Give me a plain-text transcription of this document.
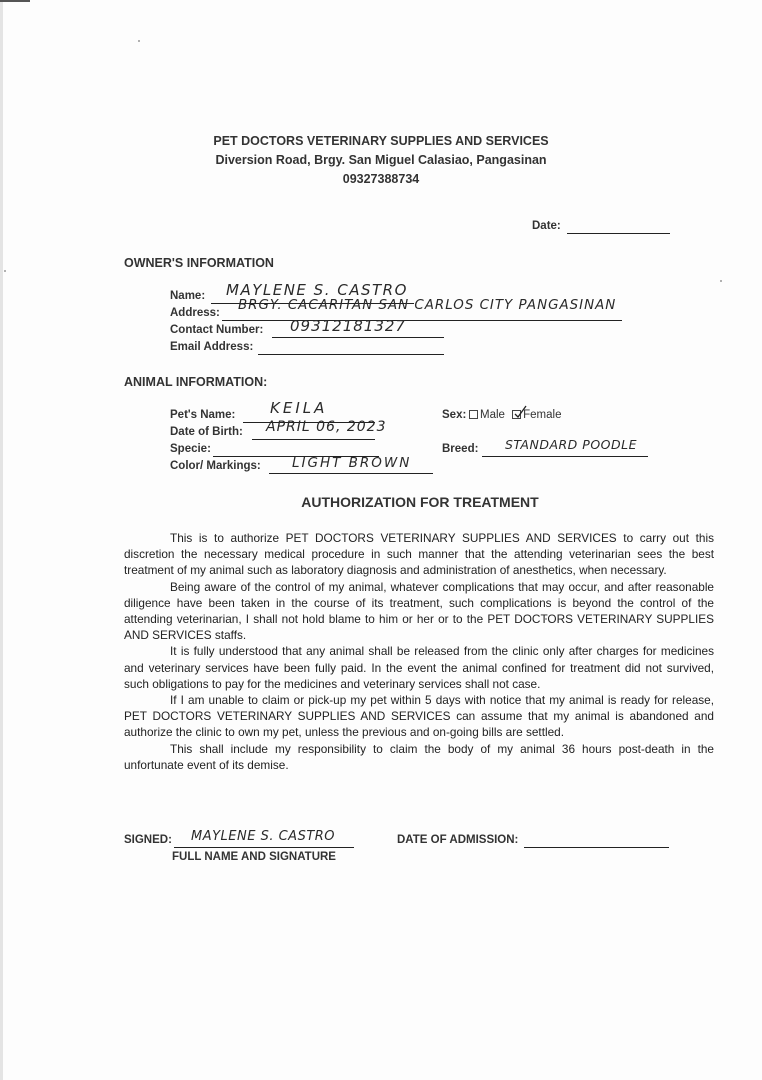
PET DOCTORS VETERINARY SUPPLIES AND SERVICES
Diversion Road, Brgy. San Miguel Calasiao, Pangasinan
09327388734
Date:
OWNER'S INFORMATION
Name: MAYLENE S. CASTRO
Address: BRGY. CACARITAN SAN CARLOS CITY PANGASINAN
Contact Number: 09312181327
Email Address:
ANIMAL INFORMATION:
Pet's Name: KEILA
Date of Birth: APRIL 06, 2023
Specie:
Color/ Markings: LIGHT BROWN
Sex:	Male Female
Breed: STANDARD POODLE
AUTHORIZATION FOR TREATMENT

This is to authorize PET DOCTORS VETERINARY SUPPLIES AND SERVICES to carry out this discretion the necessary medical procedure in such manner that the attending veterinarian sees the best treatment of my animal such as laboratory diagnosis and administration of anesthetics, when necessary.

Being aware of the control of my animal, whatever complications that may occur, and after reasonable diligence have been taken in the course of its treatment, such complications is beyond the control of the attending veterinarian, I shall not hold blame to him or her or to the PET DOCTORS VETERINARY SUPPLIES AND SERVICES staffs.

It is fully understood that any animal shall be released from the clinic only after charges for medicines and veterinary services have been fully paid. In the event the animal confined for treatment did not survived, such obligations to pay for the medicines and veterinary services shall not case.

If I am unable to claim or pick-up my pet within 5 days with notice that my animal is ready for release, PET DOCTORS VETERINARY SUPPLIES AND SERVICES can assume that my animal is abandoned and authorize the clinic to own my pet, unless the previous and on-going bills are settled.

This shall include my responsibility to claim the body of my animal 36 hours post-death in the unfortunate event of its demise.

SIGNED: MAYLENE S. CASTRO
FULL NAME AND SIGNATURE
DATE OF ADMISSION:
